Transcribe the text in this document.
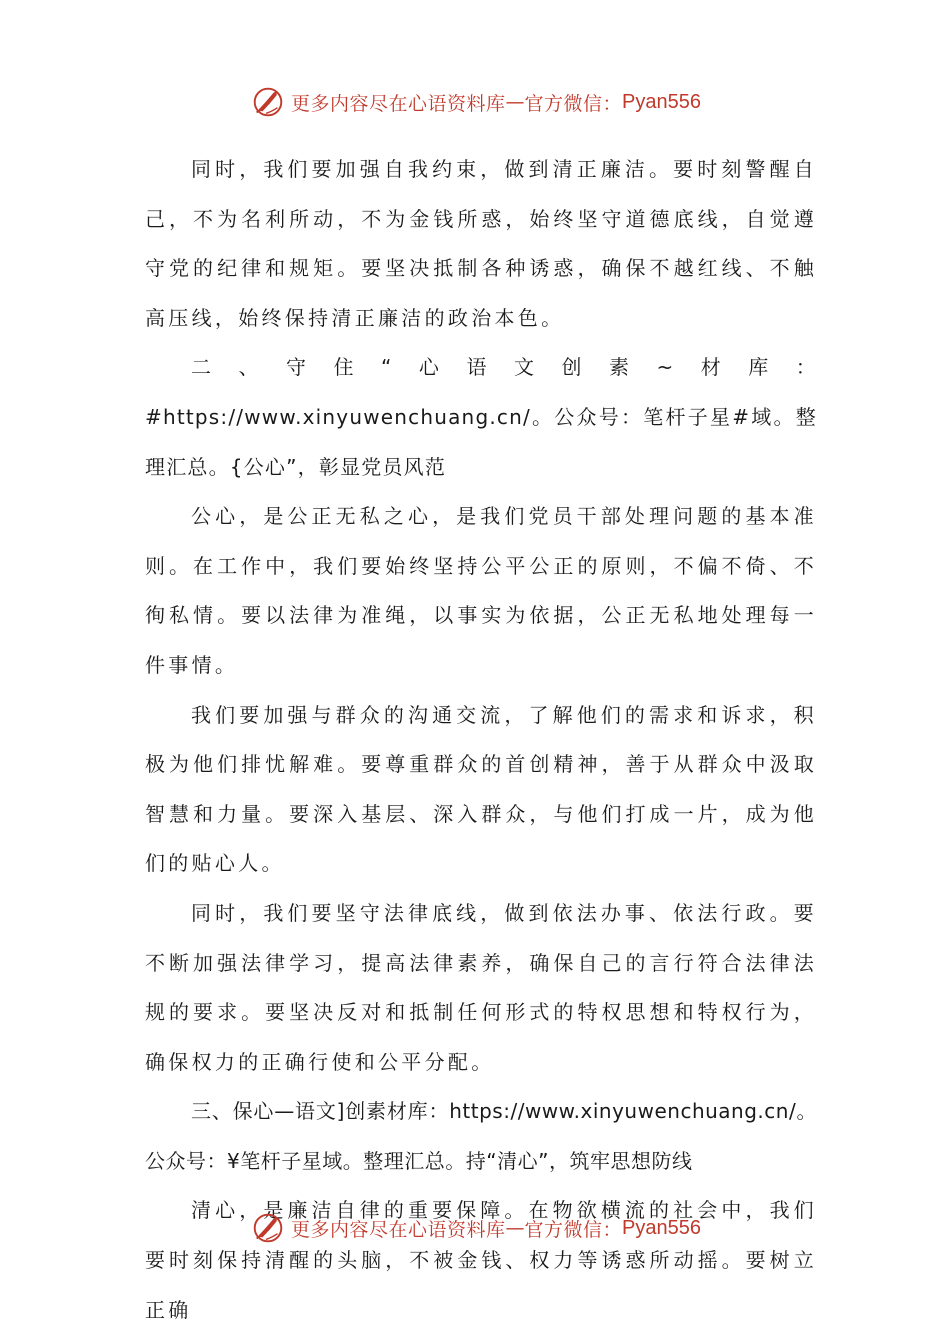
更多内容尽在心语资料库 — 官方微信： Pyan556

同时，我们要加强自我约束，做到清正廉洁。要时刻警醒自己，不为名利所动，不为金钱所惑，始终坚守道德底线，自觉遵守党的纪律和规矩。要坚决抵制各种诱惑，确保不越红线、不触高压线，始终保持清正廉洁的政治本色。

二、守住“心语文创素~材库：#https://www.xinyuwenchuang.cn/。公众号：笔杆子星#域。整理汇总。{公心”，彰显党员风范

公心，是公正无私之心，是我们党员干部处理问题的基本准则。在工作中，我们要始终坚持公平公正的原则，不偏不倚、不徇私情。要以法律为准绳，以事实为依据，公正无私地处理每一件事情。

我们要加强与群众的沟通交流，了解他们的需求和诉求，积极为他们排忧解难。要尊重群众的首创精神，善于从群众中汲取智慧和力量。要深入基层、深入群众，与他们打成一片，成为他们的贴心人。

同时，我们要坚守法律底线，做到依法办事、依法行政。要不断加强法律学习，提高法律素养，确保自己的言行符合法律法规的要求。要坚决反对和抵制任何形式的特权思想和特权行为，确保权力的正确行使和公平分配。

三、保心—语文]创素材库：https://www.xinyuwenchuang.cn/。公众号：¥笔杆子星域。整理汇总。持“清心”，筑牢思想防线

清心，是廉洁自律的重要保障。在物欲横流的社会中，我们要时刻保持清醒的头脑，不被金钱、权力等诱惑所动摇。要树立正确

更多内容尽在心语资料库 — 官方微信： Pyan556
